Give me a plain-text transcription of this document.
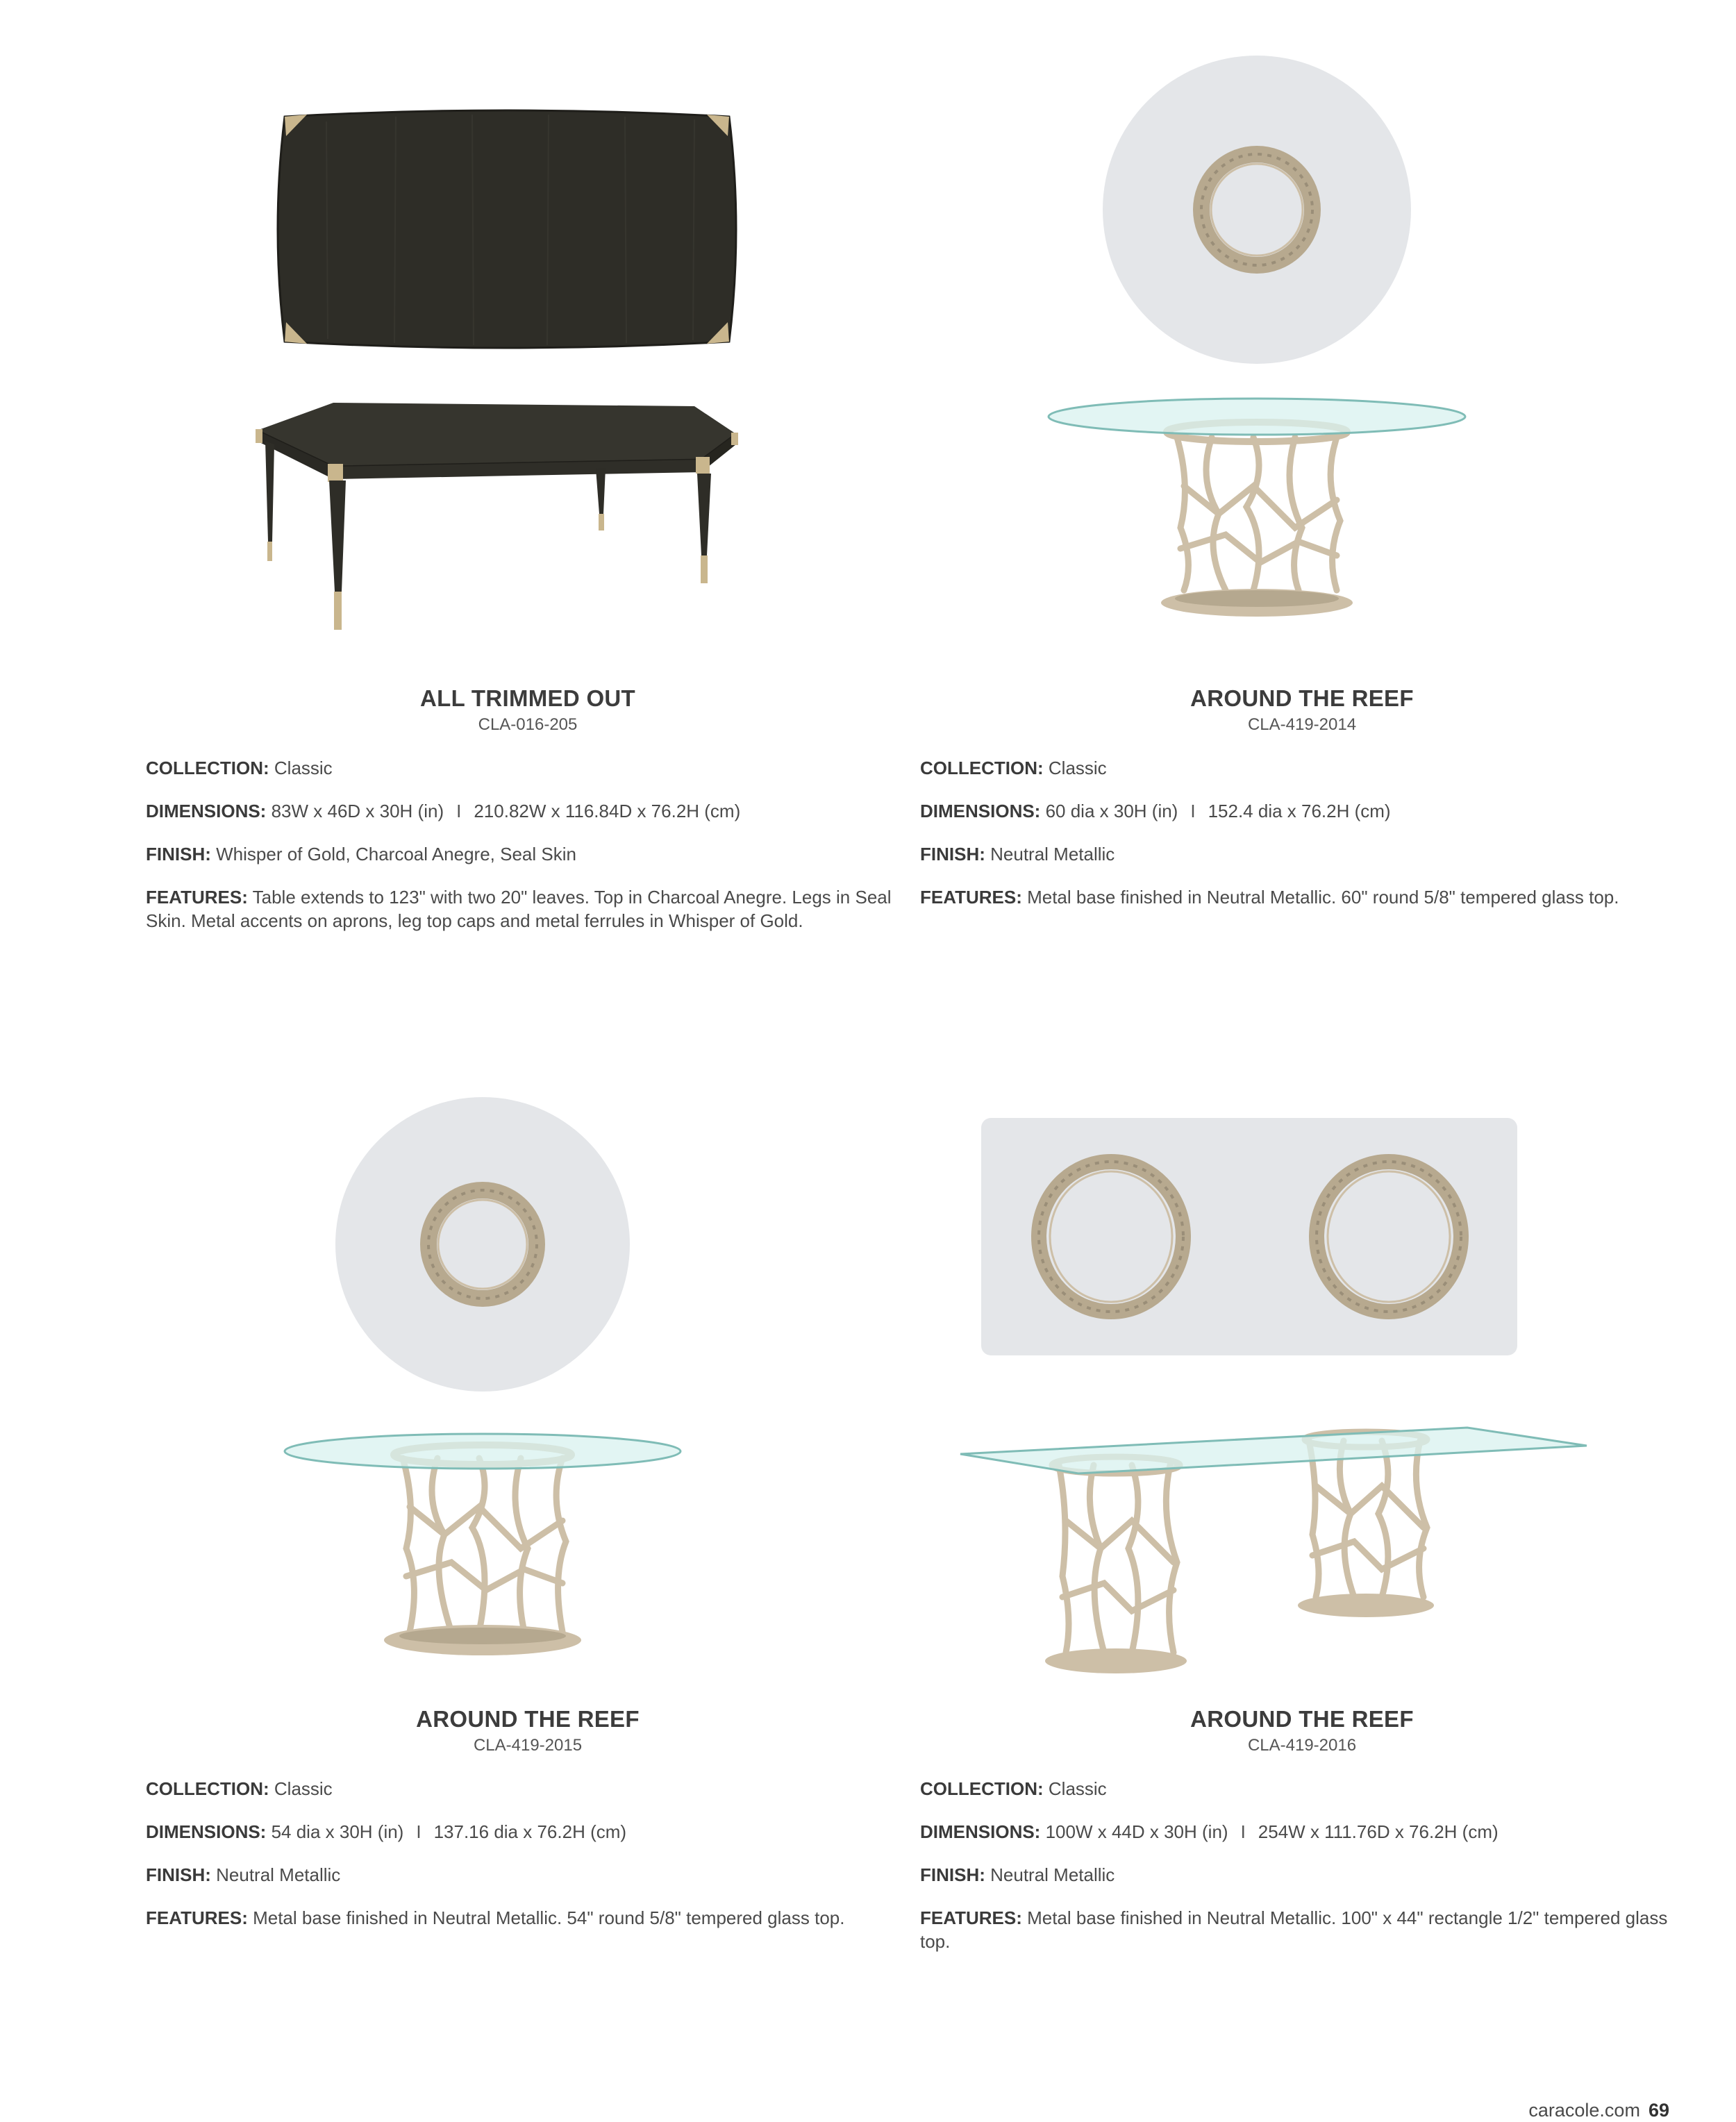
ALL TRIMMED OUT
CLA-016-205

COLLECTION: Classic

DIMENSIONS: 83W x 46D x 30H (in) I 210.82W x 116.84D x 76.2H (cm)

FINISH: Whisper of Gold, Charcoal Anegre, Seal Skin

FEATURES: Table extends to 123" with two 20" leaves. Top in Charcoal Anegre. Legs in Seal Skin. Metal accents on aprons, leg top caps and metal ferrules in Whisper of Gold.

AROUND THE REEF
CLA-419-2014

COLLECTION: Classic

DIMENSIONS: 60 dia x 30H (in) I 152.4 dia x 76.2H (cm)

FINISH: Neutral Metallic

FEATURES: Metal base finished in Neutral Metallic. 60" round 5/8" tempered glass top.

AROUND THE REEF
CLA-419-2015

COLLECTION: Classic

DIMENSIONS: 54 dia x 30H (in) I 137.16 dia x 76.2H (cm)

FINISH: Neutral Metallic

FEATURES: Metal base finished in Neutral Metallic. 54" round 5/8" tempered glass top.

AROUND THE REEF
CLA-419-2016

COLLECTION: Classic

DIMENSIONS: 100W x 44D x 30H (in) I 254W x 111.76D x 76.2H (cm)

FINISH: Neutral Metallic

FEATURES: Metal base finished in Neutral Metallic. 100" x 44" rectangle 1/2" tempered glass top.

caracole.com 69
